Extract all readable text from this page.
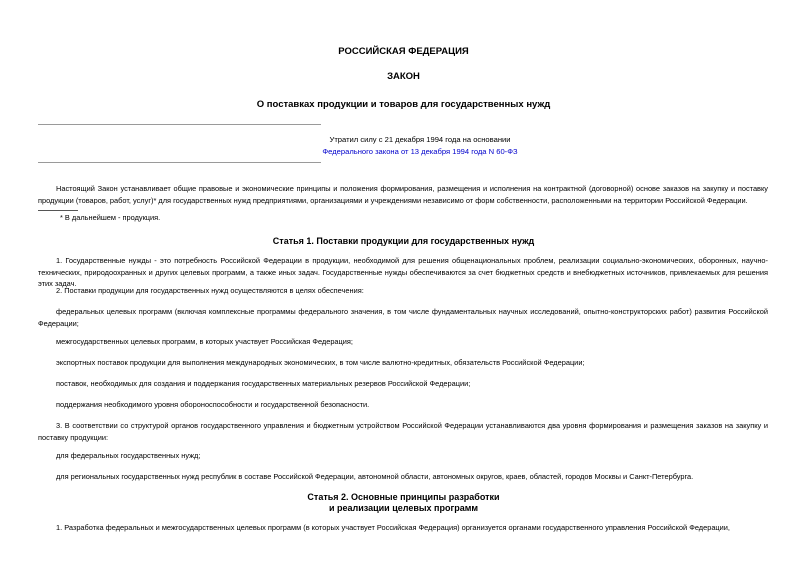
РОССИЙСКАЯ ФЕДЕРАЦИЯ
ЗАКОН
О поставках продукции и товаров для государственных нужд
Утратил силу с 21 декабря 1994 года на основании
Федерального закона от 13 декабря 1994 года N 60-ФЗ
Настоящий Закон устанавливает общие правовые и экономические принципы и положения формирования, размещения и исполнения на контрактной (договорной) основе заказов на закупку и поставку продукции (товаров, работ, услуг)* для государственных нужд предприятиями, организациями и учреждениями независимо от форм собственности, расположенными на территории Российской Федерации.
* В дальнейшем - продукция.
Статья 1. Поставки продукции для государственных нужд
1. Государственные нужды - это потребность Российской Федерации в продукции, необходимой для решения общенациональных проблем, реализации социально-экономических, оборонных, научно-технических, природоохранных и других целевых программ, а также иных задач. Государственные нужды обеспечиваются за счет бюджетных средств и внебюджетных источников, привлекаемых для решения этих задач.
2. Поставки продукции для государственных нужд осуществляются в целях обеспечения:
федеральных целевых программ (включая комплексные программы федерального значения, в том числе фундаментальных научных исследований, опытно-конструкторских работ) развития Российской Федерации;
межгосударственных целевых программ, в которых участвует Российская Федерация;
экспортных поставок продукции для выполнения международных экономических, в том числе валютно-кредитных, обязательств Российской Федерации;
поставок, необходимых для создания и поддержания государственных материальных резервов Российской Федерации;
поддержания необходимого уровня обороноспособности и государственной безопасности.
3. В соответствии со структурой органов государственного управления и бюджетным устройством Российской Федерации устанавливаются два уровня формирования и размещения заказов на закупку и поставку продукции:
для федеральных государственных нужд;
для региональных государственных нужд республик в составе Российской Федерации, автономной области, автономных округов, краев, областей, городов Москвы и Санкт-Петербурга.
Статья 2. Основные принципы разработки
и реализации целевых программ
1. Разработка федеральных и межгосударственных целевых программ (в которых участвует Российская Федерация) организуется органами государственного управления Российской Федерации,
